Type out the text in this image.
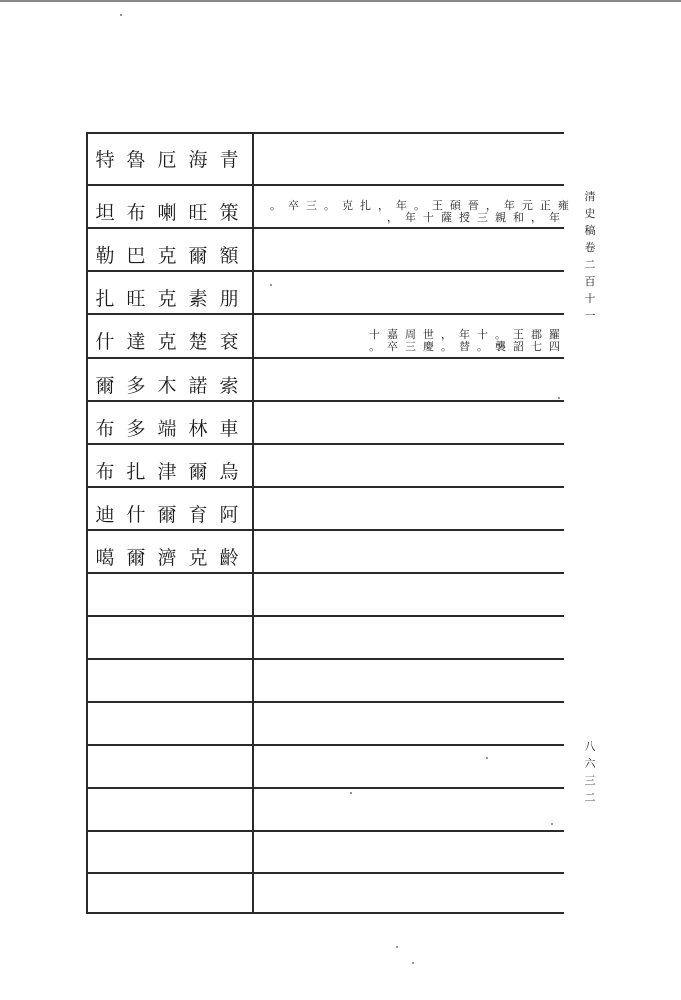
青
海
厄
魯
特
策
旺
喇
布
坦	。  卒  三  。  克  扎  ，  年  。  王  碩  晉  ，  年  元  正  雍
，  年  十  薩  授  三  親  和  ，  年
額
爾
克
巴
勒
朋
素
克
旺
扎
袞
楚
克
達
什	十  嘉  周  世  ，  年  十  。  王  郡  羅
。  卒  三  慶  。  替  。  襲  詔  七  四
索
諾
木
多
爾
車
林
端
多
布
烏
爾
津
扎
布
阿
育
爾
什
迪
齡
克
濟
爾
噶
清史稿卷二百十一
八六三二
